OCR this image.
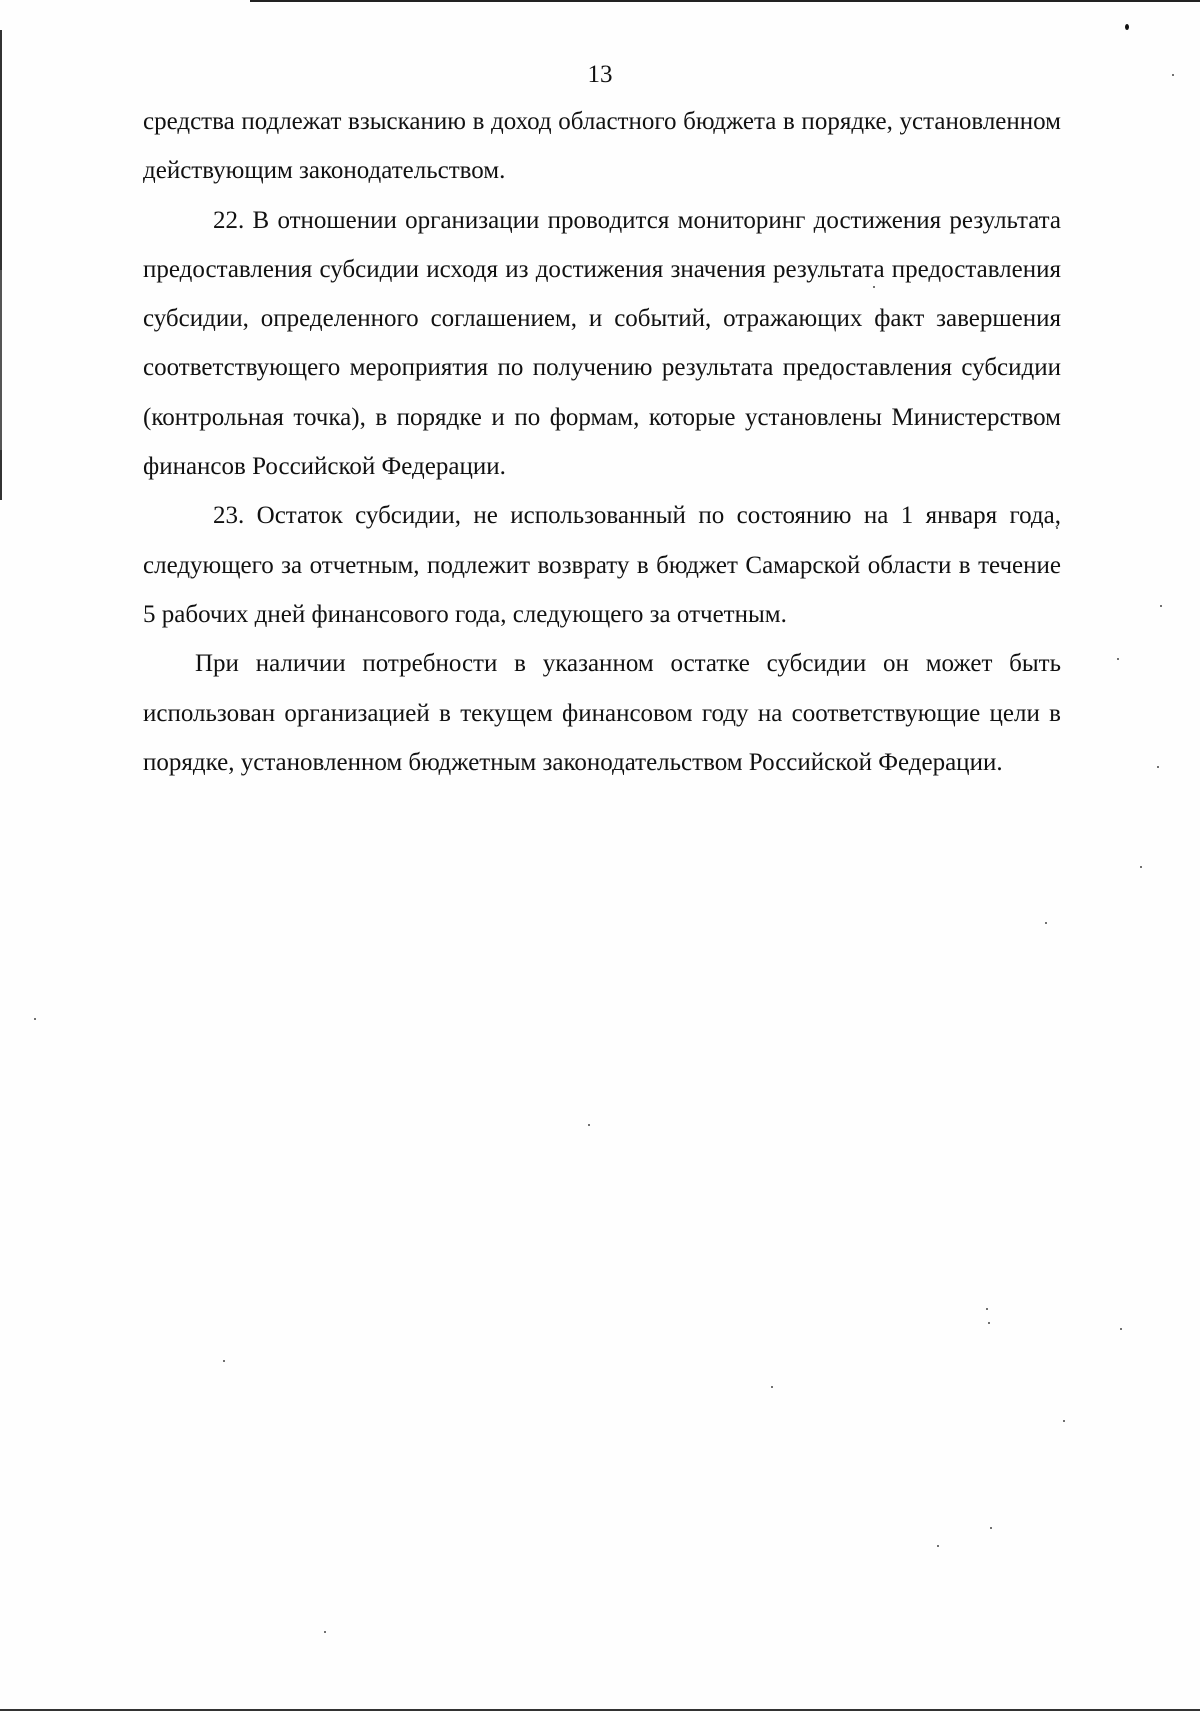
13

средства подлежат взысканию в доход областного бюджета в порядке, установленном действующим законодательством.

22. В отношении организации проводится мониторинг достижения результата предоставления субсидии исходя из достижения значения результата предоставления субсидии, определенного соглашением, и событий, отражающих факт завершения соответствующего мероприятия по получению результата предоставления субсидии (контрольная точка), в порядке и по формам, которые установлены Министерством финансов Российской Федерации.

23. Остаток субсидии, не использованный по состоянию на 1 января года, следующего за отчетным, подлежит возврату в бюджет Самарской области в течение 5 рабочих дней финансового года, следующего за отчетным.

При наличии потребности в указанном остатке субсидии он может быть использован организацией в текущем финансовом году на соответствующие цели в порядке, установленном бюджетным законодательством Российской Федерации.
